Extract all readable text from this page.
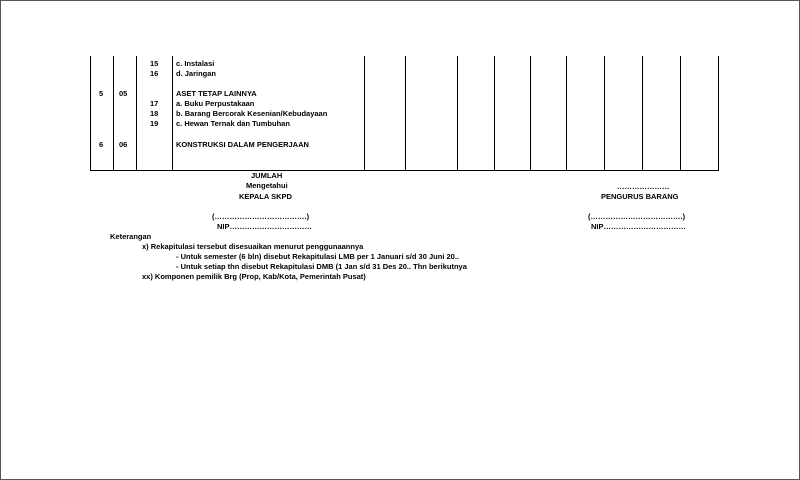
15 c. Instalasi
16 d. Jaringan
5 05	ASET TETAP LAINNYA
17 a. Buku Perpustakaan
18 b. Barang Bercorak Kesenian/Kebudayaan
19 c. Hewan Ternak dan Tumbuhan
6 06	KONSTRUKSI DALAM PENGERJAAN
JUMLAH
Mengetahui
KEPALA SKPD
(……………………………….)
NIP……………………………
…………………
PENGURUS BARANG
(……………………………….)
NIP……………………………
Keterangan
x) Rekapitulasi tersebut disesuaikan menurut penggunaannya
- Untuk semester (6 bln) disebut Rekapitulasi LMB per 1 Januari s/d 30 Juni 20..
- Untuk setiap thn disebut Rekapitulasi DMB (1 Jan s/d 31 Des 20.. Thn berikutnya
xx) Komponen pemilik Brg (Prop, Kab/Kota, Pemerintah Pusat)
